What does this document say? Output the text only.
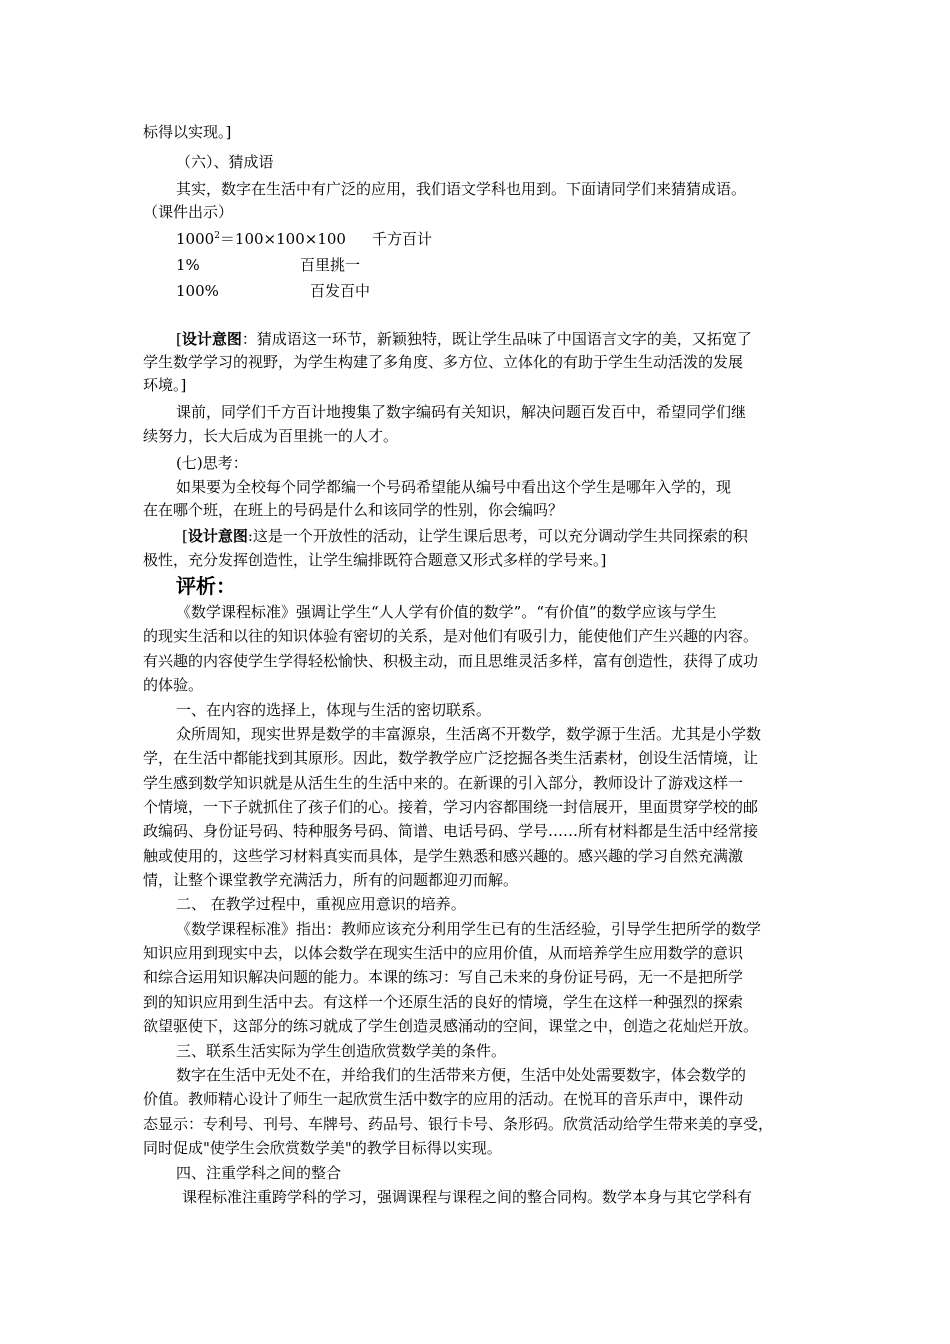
标得以实现。]
（六）、猜成语
其实，数字在生活中有广泛的应用，我们语文学科也用到。下面请同学们来猜猜成语。
（课件出示）
$1000^2=100\times 100\times 100$ 千方百计
1%	百里挑一
100%	百发百中
[设计意图：猜成语这一环节，新颖独特，既让学生品味了中国语言文字的美，又拓宽了
学生数学学习的视野，为学生构建了多角度、多方位、立体化的有助于学生生动活泼的发展
环境。]
课前，同学们千方百计地搜集了数字编码有关知识，解决问题百发百中，希望同学们继
续努力，长大后成为百里挑一的人才。
(七)思考：
如果要为全校每个同学都编一个号码希望能从编号中看出这个学生是哪年入学的，现
在在哪个班，在班上的号码是什么和该同学的性别，你会编吗？
[设计意图:这是一个开放性的活动，让学生课后思考，可以充分调动学生共同探索的积
极性，充分发挥创造性，让学生编排既符合题意又形式多样的学号来。]
评析：
《数学课程标准》强调让学生“人人学有价值的数学”。“有价值”的数学应该与学生
的现实生活和以往的知识体验有密切的关系，是对他们有吸引力，能使他们产生兴趣的内容。
有兴趣的内容使学生学得轻松愉快、积极主动，而且思维灵活多样，富有创造性，获得了成功
的体验。
一、在内容的选择上，体现与生活的密切联系。
众所周知，现实世界是数学的丰富源泉，生活离不开数学，数学源于生活。尤其是小学数
学，在生活中都能找到其原形。因此，数学教学应广泛挖掘各类生活素材，创设生活情境，让
学生感到数学知识就是从活生生的生活中来的。在新课的引入部分，教师设计了游戏这样一
个情境，一下子就抓住了孩子们的心。接着，学习内容都围绕一封信展开，里面贯穿学校的邮
政编码、身份证号码、特种服务号码、简谱、电话号码、学号……所有材料都是生活中经常接
触或使用的，这些学习材料真实而具体，是学生熟悉和感兴趣的。感兴趣的学习自然充满激
情，让整个课堂教学充满活力，所有的问题都迎刃而解。
二、 在教学过程中，重视应用意识的培养。
《数学课程标准》指出：教师应该充分利用学生已有的生活经验，引导学生把所学的数学
知识应用到现实中去，以体会数学在现实生活中的应用价值，从而培养学生应用数学的意识
和综合运用知识解决问题的能力。本课的练习：写自己未来的身份证号码，无一不是把所学
到的知识应用到生活中去。有这样一个还原生活的良好的情境，学生在这样一种强烈的探索
欲望驱使下，这部分的练习就成了学生创造灵感涌动的空间，课堂之中，创造之花灿烂开放。
三、联系生活实际为学生创造欣赏数学美的条件。
数字在生活中无处不在，并给我们的生活带来方便，生活中处处需要数字，体会数学的
价值。教师精心设计了师生一起欣赏生活中数字的应用的活动。在悦耳的音乐声中，课件动
态显示：专利号、刊号、车牌号、药品号、银行卡号、条形码。欣赏活动给学生带来美的享受，
同时促成"使学生会欣赏数学美"的教学目标得以实现。
四、注重学科之间的整合
课程标准注重跨学科的学习，强调课程与课程之间的整合同构。数学本身与其它学科有
